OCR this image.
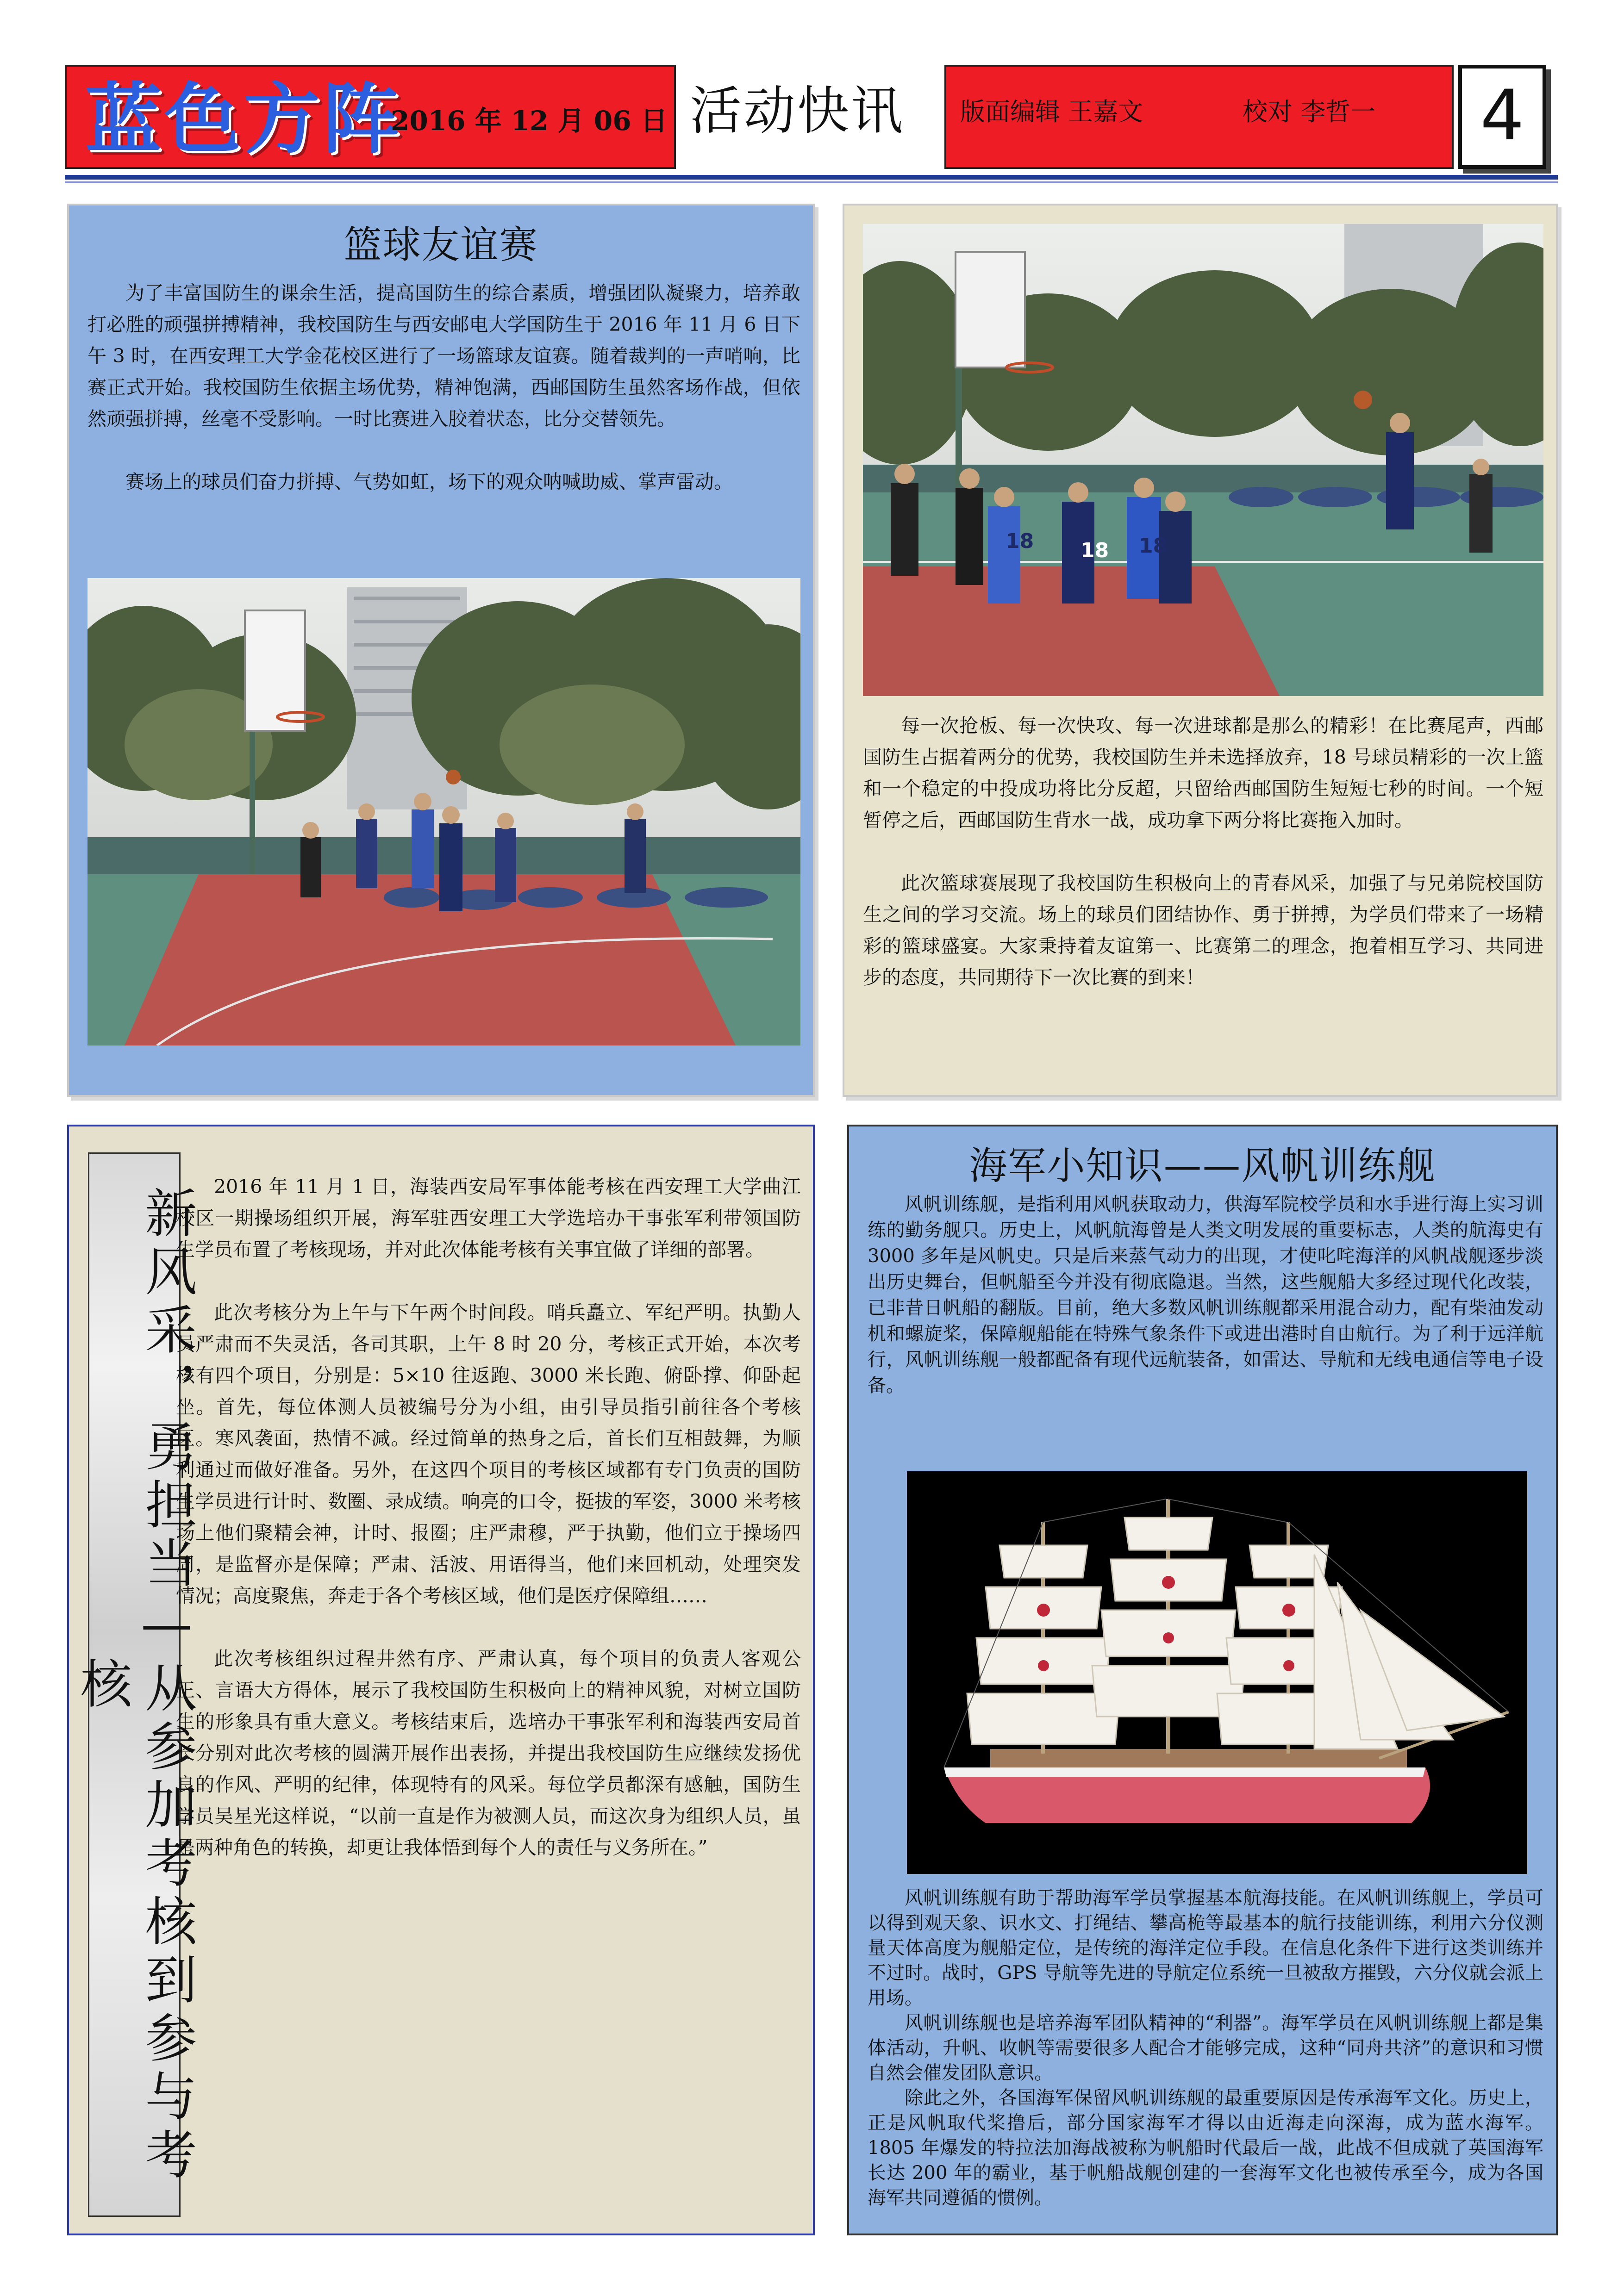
蓝色方阵
2016 年 12 月 06 日 活动快讯	版面编辑 王嘉文	校对 李哲一	4
篮球友谊赛

为了丰富国防生的课余生活，提高国防生的综合素质，增强团队凝聚力，培养敢打必胜的顽强拼搏精神，我校国防生与西安邮电大学国防生于 2016 年 11 月 6 日下午 3 时，在西安理工大学金花校区进行了一场篮球友谊赛。随着裁判的一声哨响，比赛正式开始。我校国防生依据主场优势，精神饱满，西邮国防生虽然客场作战，但依然顽强拼搏，丝毫不受影响。一时比赛进入胶着状态，比分交替领先。

赛场上的球员们奋力拼搏、气势如虹，场下的观众呐喊助威、掌声雷动。

18 18 18

每一次抢板、每一次快攻、每一次进球都是那么的精彩！在比赛尾声，西邮国防生占据着两分的优势，我校国防生并未选择放弃，18 号球员精彩的一次上篮和一个稳定的中投成功将比分反超，只留给西邮国防生短短七秒的时间。一个短暂停之后，西邮国防生背水一战，成功拿下两分将比赛拖入加时。

此次篮球赛展现了我校国防生积极向上的青春风采，加强了与兄弟院校国防生之间的学习交流。场上的球员们团结协作、勇于拼搏，为学员们带来了一场精彩的篮球盛宴。大家秉持着友谊第一、比赛第二的理念，抱着相互学习、共同进步的态度，共同期待下一次比赛的到来！

新风采，勇担当—从参加考核到参与考核

2016 年 11 月 1 日，海装西安局军事体能考核在西安理工大学曲江校区一期操场组织开展，海军驻西安理工大学选培办干事张军利带领国防生学员布置了考核现场，并对此次体能考核有关事宜做了详细的部署。

此次考核分为上午与下午两个时间段。哨兵矗立、军纪严明。执勤人员严肃而不失灵活，各司其职，上午 8 时 20 分，考核正式开始，本次考核有四个项目，分别是：5×10 往返跑、3000 米长跑、俯卧撑、仰卧起坐。首先，每位体测人员被编号分为小组，由引导员指引前往各个考核区。寒风袭面，热情不减。经过简单的热身之后，首长们互相鼓舞，为顺利通过而做好准备。另外，在这四个项目的考核区域都有专门负责的国防生学员进行计时、数圈、录成绩。响亮的口令，挺拔的军姿，3000 米考核场上他们聚精会神，计时、报圈；庄严肃穆，严于执勤，他们立于操场四周，是监督亦是保障；严肃、活波、用语得当，他们来回机动，处理突发情况；高度聚焦，奔走于各个考核区域，他们是医疗保障组……

此次考核组织过程井然有序、严肃认真，每个项目的负责人客观公正、言语大方得体，展示了我校国防生积极向上的精神风貌，对树立国防生的形象具有重大意义。考核结束后，选培办干事张军利和海装西安局首长分别对此次考核的圆满开展作出表扬，并提出我校国防生应继续发扬优良的作风、严明的纪律，体现特有的风采。每位学员都深有感触，国防生学员吴星光这样说，“以前一直是作为被测人员，而这次身为组织人员，虽是两种角色的转换，却更让我体悟到每个人的责任与义务所在。”

海军小知识——风帆训练舰

风帆训练舰，是指利用风帆获取动力，供海军院校学员和水手进行海上实习训练的勤务舰只。历史上，风帆航海曾是人类文明发展的重要标志，人类的航海史有 3000 多年是风帆史。只是后来蒸气动力的出现，才使叱咤海洋的风帆战舰逐步淡出历史舞台，但帆船至今并没有彻底隐退。当然，这些舰船大多经过现代化改装，已非昔日帆船的翻版。目前，绝大多数风帆训练舰都采用混合动力，配有柴油发动机和螺旋桨，保障舰船能在特殊气象条件下或进出港时自由航行。为了利于远洋航行，风帆训练舰一般都配备有现代远航装备，如雷达、导航和无线电通信等电子设备。

风帆训练舰有助于帮助海军学员掌握基本航海技能。在风帆训练舰上，学员可以得到观天象、识水文、打绳结、攀高桅等最基本的航行技能训练，利用六分仪测量天体高度为舰船定位，是传统的海洋定位手段。在信息化条件下进行这类训练并不过时。战时，GPS 导航等先进的导航定位系统一旦被敌方摧毁，六分仪就会派上用场。

风帆训练舰也是培养海军团队精神的“利器”。海军学员在风帆训练舰上都是集体活动，升帆、收帆等需要很多人配合才能够完成，这种“同舟共济”的意识和习惯自然会催发团队意识。

除此之外，各国海军保留风帆训练舰的最重要原因是传承海军文化。历史上，正是风帆取代桨撸后，部分国家海军才得以由近海走向深海，成为蓝水海军。1805 年爆发的特拉法加海战被称为帆船时代最后一战，此战不但成就了英国海军长达 200 年的霸业，基于帆船战舰创建的一套海军文化也被传承至今，成为各国海军共同遵循的惯例。
